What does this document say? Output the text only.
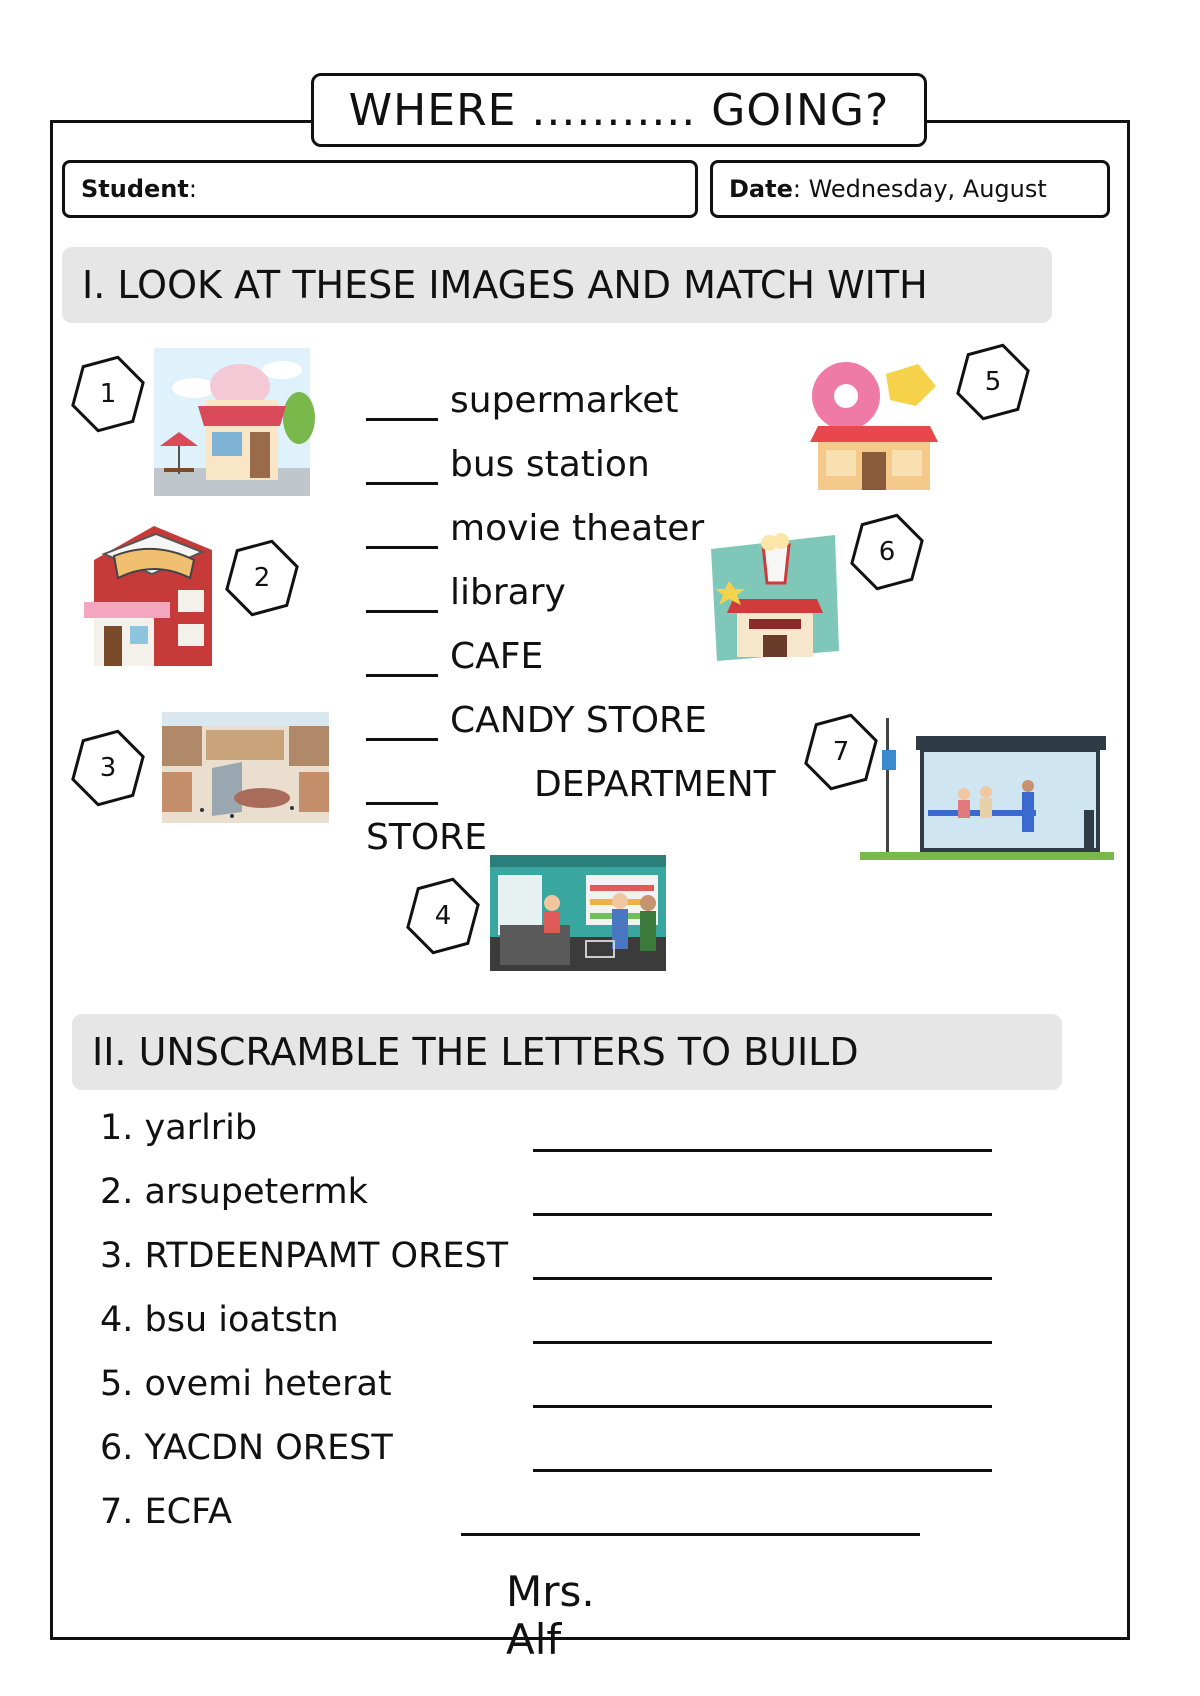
WHERE ........... GOING?
Student :	Date : Wednesday, August
I. LOOK AT THESE IMAGES AND MATCH WITH
1
2
3
4
5
6
7
supermarket
bus station
movie theater
library
CAFE
CANDY STORE
DEPARTMENT
STORE
II. UNSCRAMBLE THE LETTERS TO BUILD
1. yarlrib
2. arsupetermk
3. RTDEENPAMT OREST
4. bsu ioatstn
5. ovemi heterat
6. YACDN OREST
7. ECFA
Mrs.
Alf
